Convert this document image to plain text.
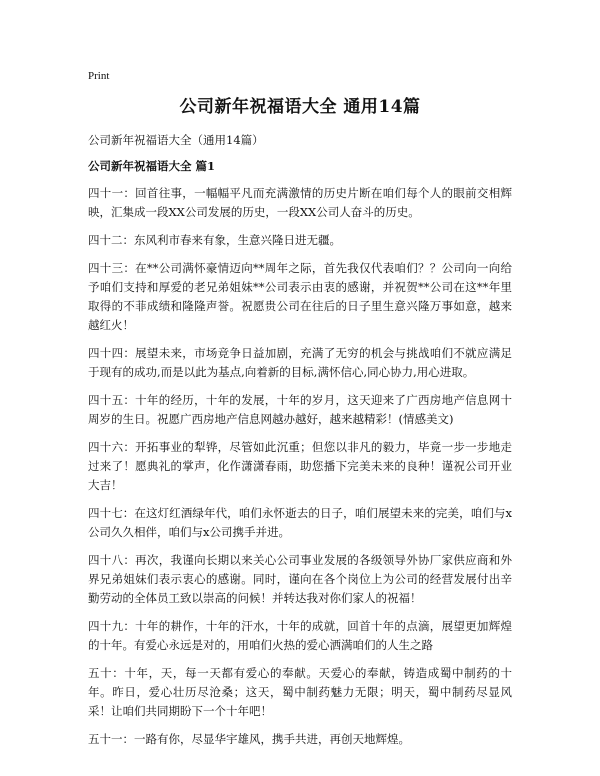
Print
公司新年祝福语大全 通用14篇

公司新年祝福语大全（通用14篇）

公司新年祝福语大全 篇1

四十一：回首往事，一幅幅平凡而充满激情的历史片断在咱们每个人的眼前交相辉映，汇集成一段XX公司发展的历史，一段XX公司人奋斗的历史。

四十二：东风利市春来有象，生意兴隆日进无疆。

四十三：在**公司满怀豪情迈向**周年之际，首先我仅代表咱们？？公司向一向给予咱们支持和厚爱的老兄弟姐妹**公司表示由衷的感谢，并祝贺**公司在这**年里取得的不菲成绩和隆隆声誉。祝愿贵公司在往后的日子里生意兴隆万事如意，越来越红火！

四十四：展望未来，市场竞争日益加剧，充满了无穷的机会与挑战咱们不就应满足于现有的成功,而是以此为基点,向着新的目标,满怀信心,同心协力,用心进取。

四十五：十年的经历，十年的发展，十年的岁月，这天迎来了广西房地产信息网十周岁的生日。祝愿广西房地产信息网越办越好，越来越精彩！(情感美文)

四十六：开拓事业的犁铧，尽管如此沉重；但您以非凡的毅力，毕竟一步一步地走过来了！愿典礼的掌声，化作潇潇春雨，助您播下完美未来的良种！谨祝公司开业大吉！

四十七：在这灯红酒绿年代，咱们永怀逝去的日子，咱们展望未来的完美，咱们与x公司久久相伴，咱们与x公司携手并进。

四十八：再次，我谨向长期以来关心公司事业发展的各级领导外协厂家供应商和外界兄弟姐妹们表示衷心的感谢。同时，谨向在各个岗位上为公司的经营发展付出辛勤劳动的全体员工致以崇高的问候！并转达我对你们家人的祝福！

四十九：十年的耕作，十年的汗水，十年的成就，回首十年的点滴，展望更加辉煌的十年。有爱心永远是对的，用咱们火热的爱心洒满咱们的人生之路

五十：十年，天，每一天都有爱心的奉献。天爱心的奉献，铸造成蜀中制药的十年。昨日，爱心壮历尽沧桑；这天，蜀中制药魅力无限；明天，蜀中制药尽显风采！让咱们共同期盼下一个十年吧！

五十一：一路有你，尽显华宇雄风，携手共进，再创天地辉煌。
